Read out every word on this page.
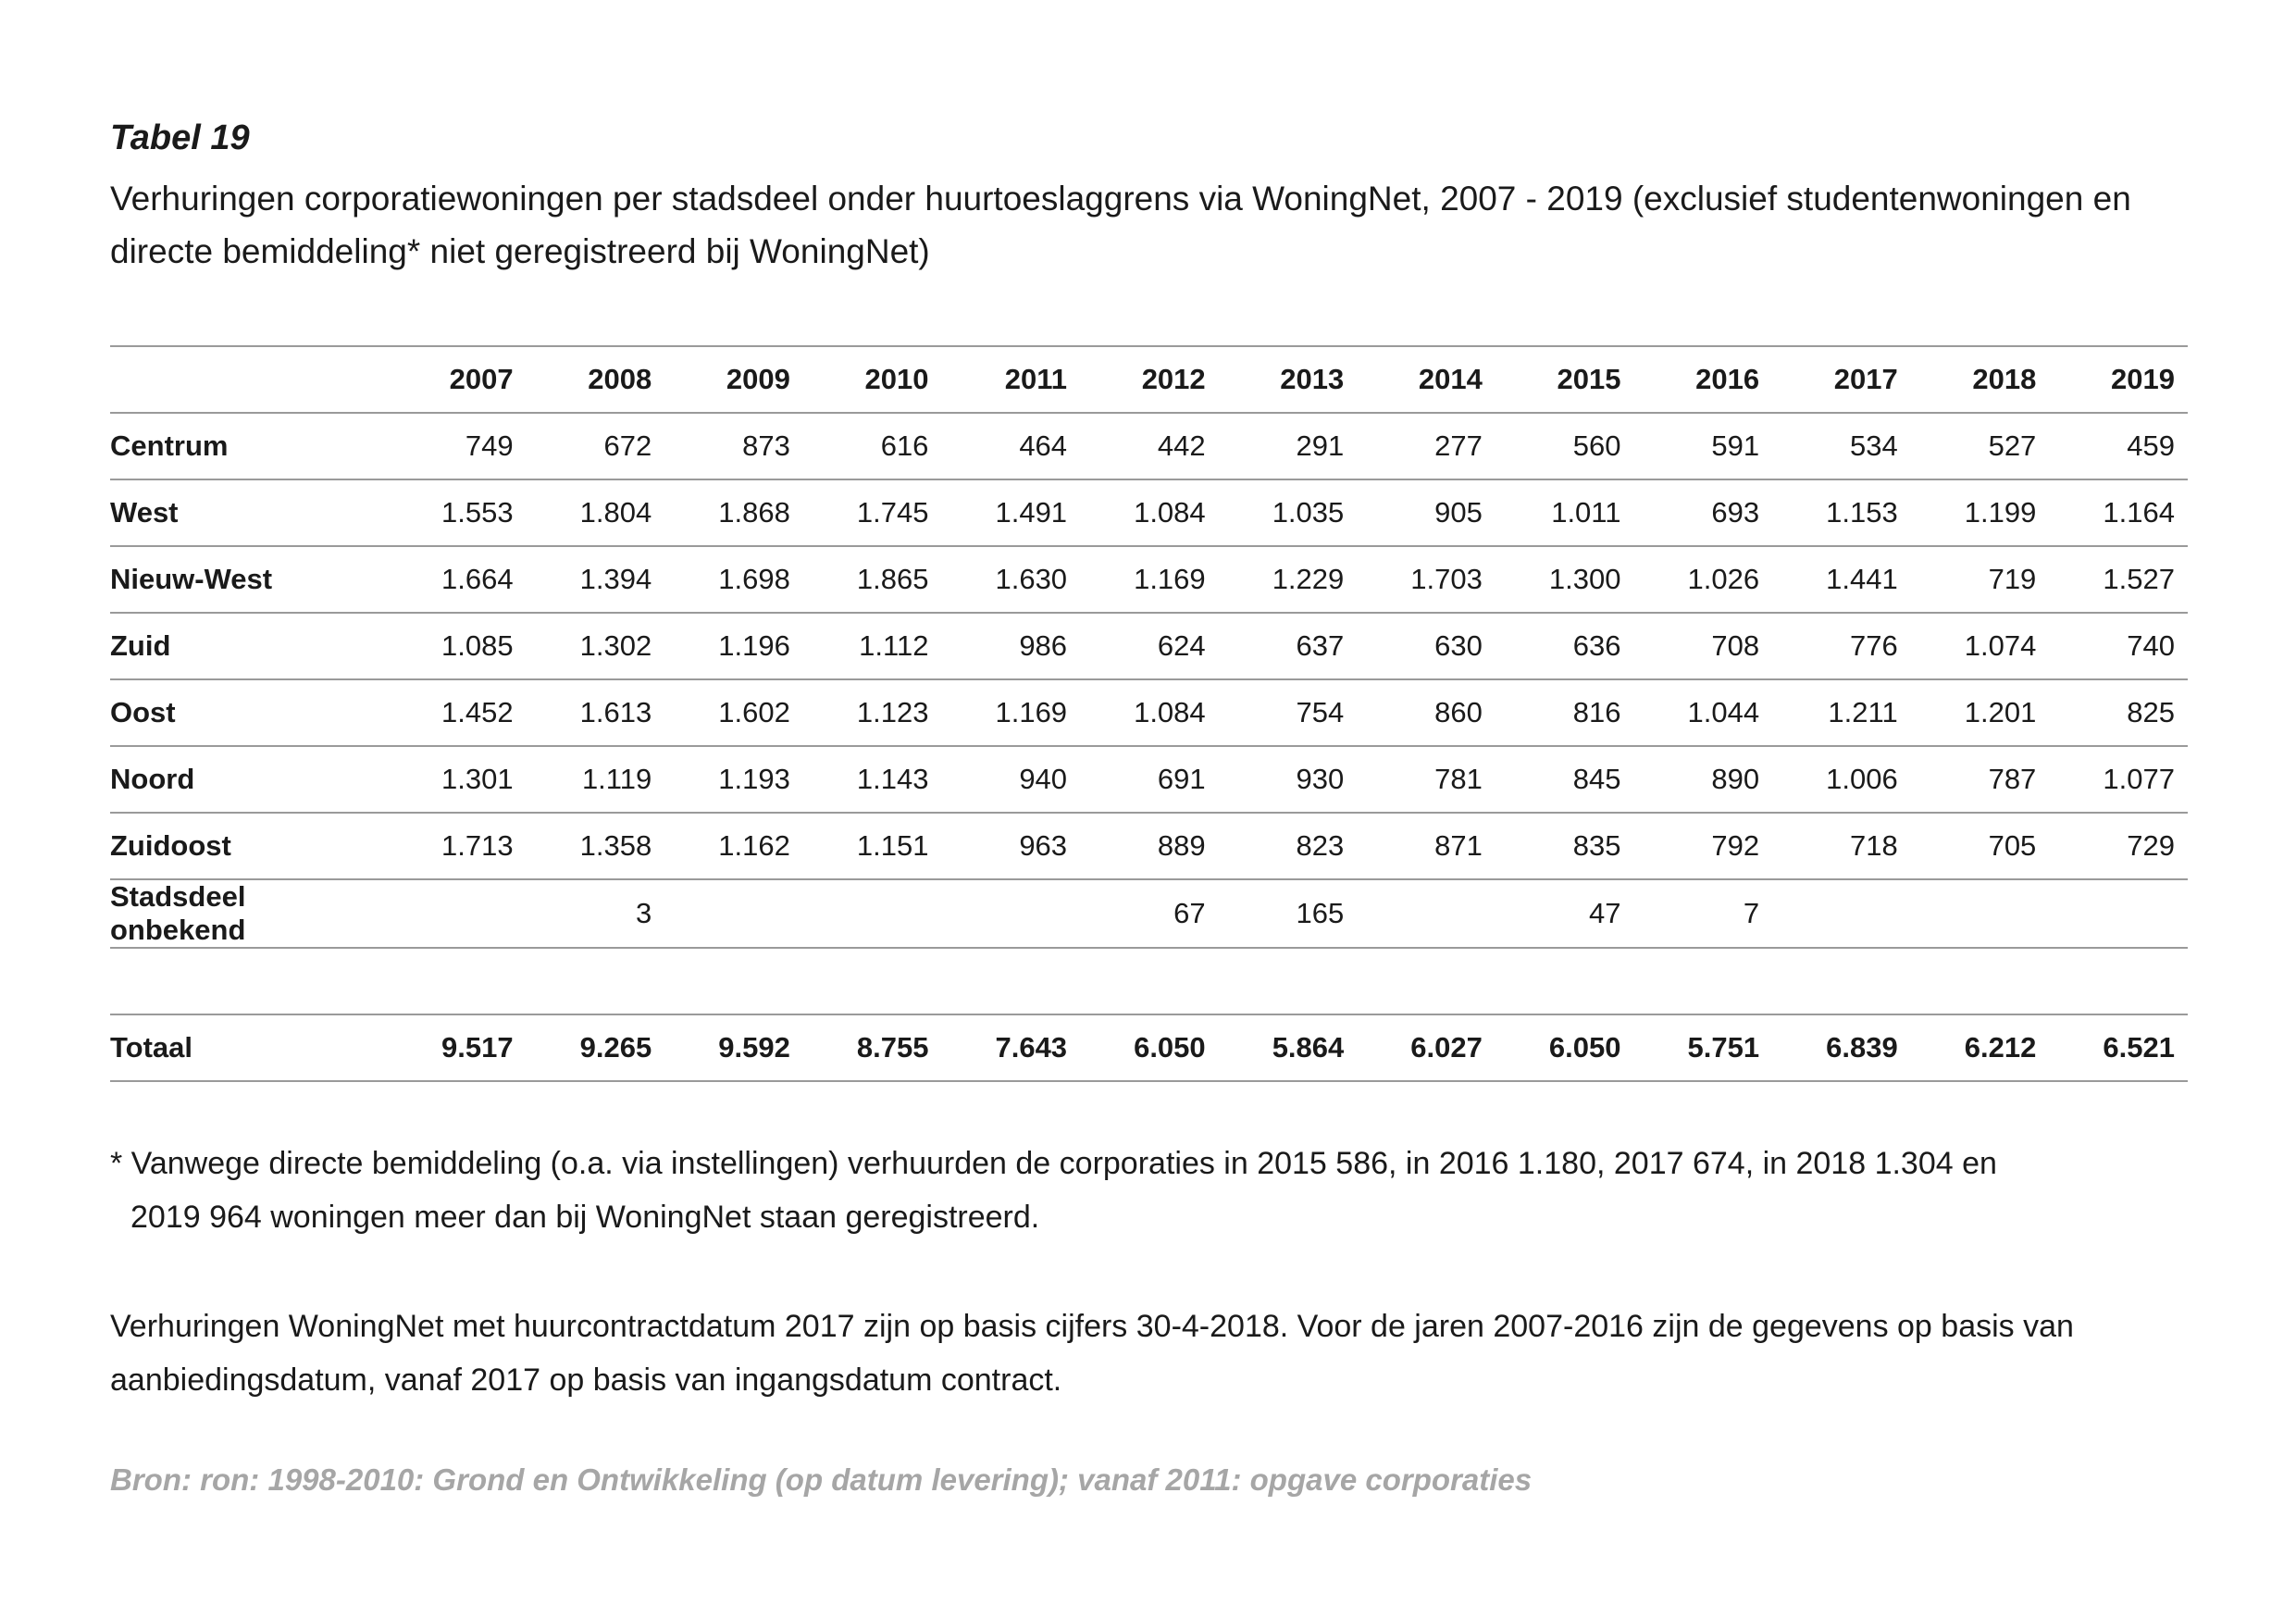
Tabel 19

Verhuringen corporatiewoningen per stadsdeel onder huurtoeslaggrens via WoningNet, 2007 - 2019 (exclusief studentenwoningen en directe bemiddeling* niet geregistreerd bij WoningNet)

	2007	2008	2009	2010	2011	2012	2013	2014	2015	2016	2017	2018	2019
Centrum	749	672	873	616	464	442	291	277	560	591	534	527	459
West	1.553	1.804	1.868	1.745	1.491	1.084	1.035	905	1.011	693	1.153	1.199	1.164
Nieuw-West	1.664	1.394	1.698	1.865	1.630	1.169	1.229	1.703	1.300	1.026	1.441	719	1.527
Zuid	1.085	1.302	1.196	1.112	986	624	637	630	636	708	776	1.074	740
Oost	1.452	1.613	1.602	1.123	1.169	1.084	754	860	816	1.044	1.211	1.201	825
Noord	1.301	1.119	1.193	1.143	940	691	930	781	845	890	1.006	787	1.077
Zuidoost	1.713	1.358	1.162	1.151	963	889	823	871	835	792	718	705	729
Stadsdeel onbekend		3				67	165		47	7			

Totaal	9.517	9.265	9.592	8.755	7.643	6.050	5.864	6.027	6.050	5.751	6.839	6.212	6.521

* Vanwege directe bemiddeling (o.a. via instellingen) verhuurden de corporaties in 2015 586, in 2016 1.180, 2017 674, in 2018 1.304 en
2019 964 woningen meer dan bij WoningNet staan geregistreerd.

Verhuringen WoningNet met huurcontractdatum 2017 zijn op basis cijfers 30-4-2018. Voor de jaren 2007-2016 zijn de gegevens op basis van aanbiedingsdatum, vanaf 2017 op basis van ingangsdatum contract.

Bron: ron: 1998-2010: Grond en Ontwikkeling (op datum levering); vanaf 2011: opgave corporaties
